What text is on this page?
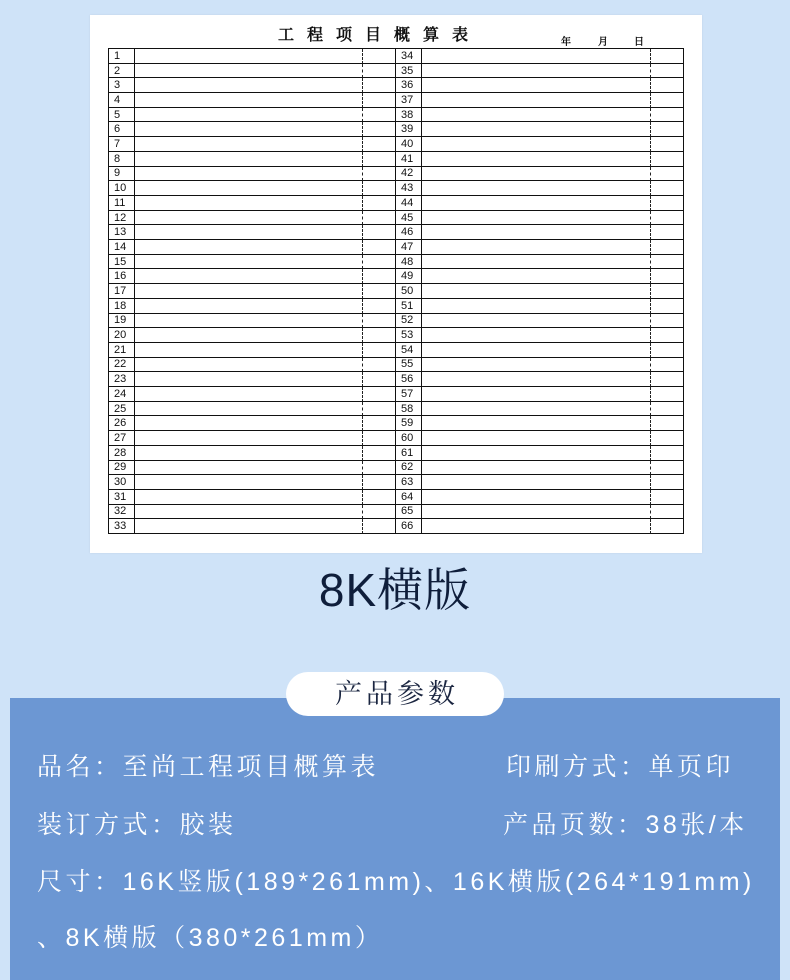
工程项目概算表	年	月	日
1	34
2	35
3	36
4	37
5	38
6	39
7	40
8	41
9	42
10	43
11	44
12	45
13	46
14	47
15	48
16	49
17	50
18	51
19	52
20	53
21	54
22	55
23	56
24	57
25	58
26	59
27	60
28	61
29	62
30	63
31	64
32	65
33	66
8K横版
品名：至尚工程项目概算表	印刷方式：单页印
装订方式：胶装	产品页数：38张/本
尺寸：16K竖版(189*261mm)、16K横版(264*191mm)
、8K横版（380*261mm）
产品参数
